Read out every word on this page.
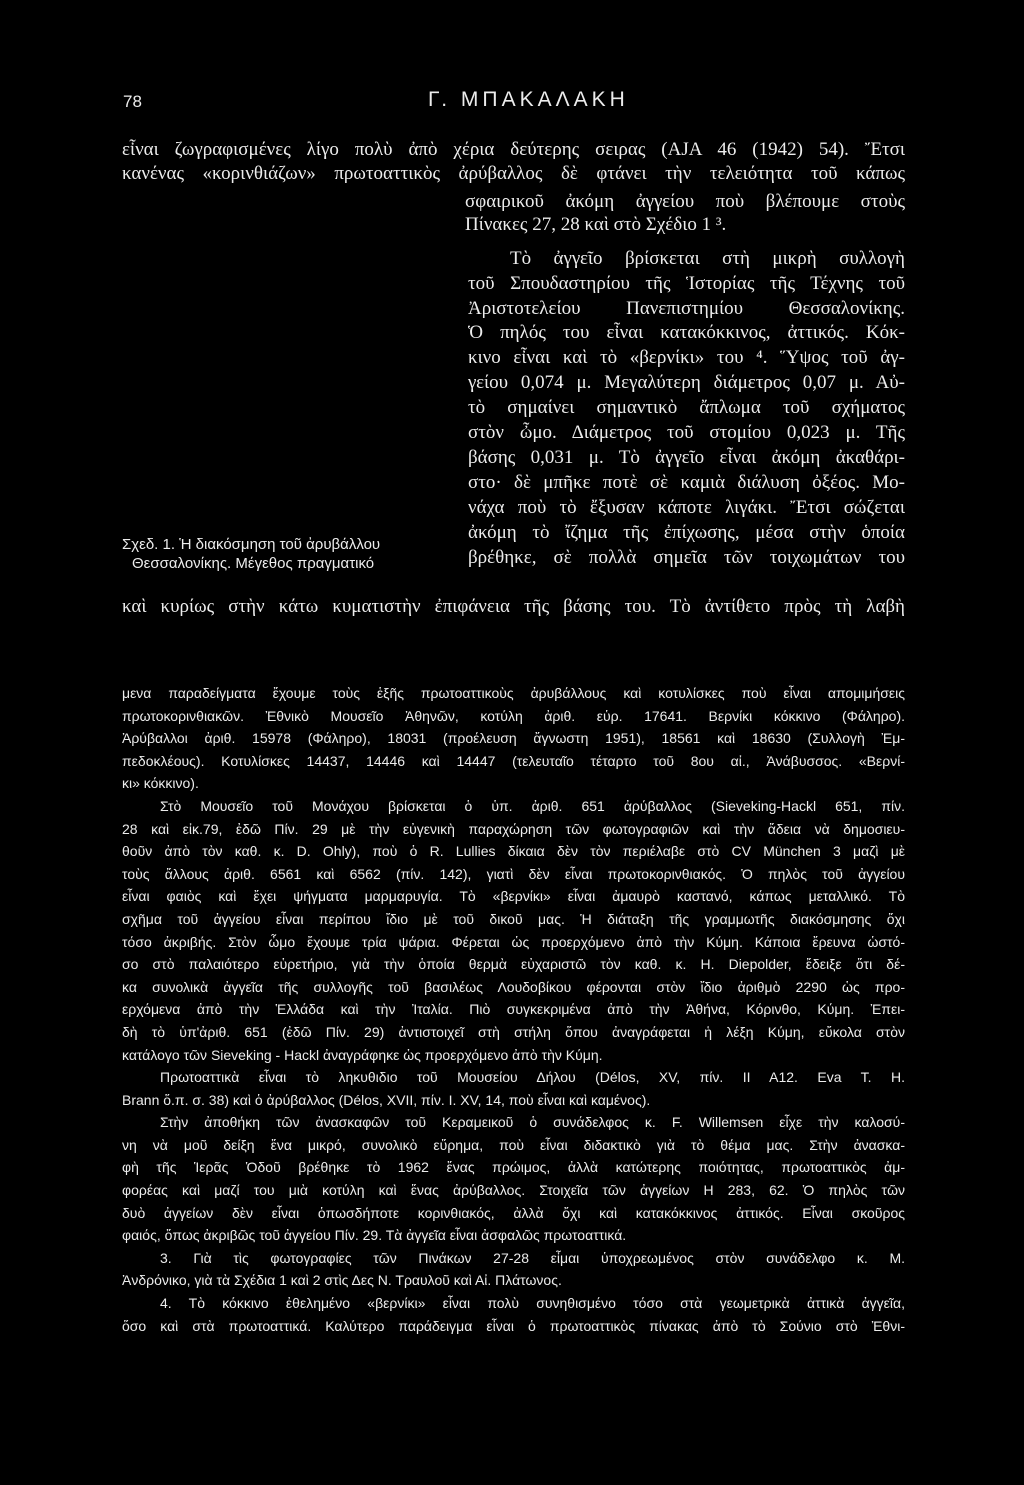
78	Γ. ΜΠΑΚΑΛΑΚΗ
εἶναι ζωγραφισμένες λίγο πολὺ ἀπὸ χέρια δεύτερης σειρας (ΑJA 46 (1942) 54). Ἔτσι
κανένας «κορινθιάζων» πρωτοαττικὸς ἀρύβαλλος δὲ φτάνει τὴν τελειότητα τοῦ κάπως
σφαιρικοῦ ἀκόμη ἀγγείου ποὺ βλέπουμε στοὺς
Πίνακες 27, 28 καὶ στὸ Σχέδιο 1 ³.
Τὸ ἀγγεῖο βρίσκεται στὴ μικρὴ συλλογὴ
τοῦ Σπουδαστηρίου τῆς Ἱστορίας τῆς Τέχνης τοῦ
Ἀριστοτελείου Πανεπιστημίου Θεσσαλονίκης.
Ὁ πηλός του εἶναι κατακόκκινος, ἀττικός. Κόκ-
κινο εἶναι καὶ τὸ «βερνίκι» του ⁴. Ὕψος τοῦ ἀγ-
γείου 0,074 μ. Μεγαλύτερη διάμετρος 0,07 μ. Αὐ-
τὸ σημαίνει σημαντικὸ ἄπλωμα τοῦ σχήματος
στὸν ὦμο. Διάμετρος τοῦ στομίου 0,023 μ. Τῆς
βάσης 0,031 μ. Τὸ ἀγγεῖο εἶναι ἀκόμη ἀκαθάρι-
στο· δὲ μπῆκε ποτὲ σὲ καμιὰ διάλυση ὀξέος. Μο-
νάχα ποὺ τὸ ἔξυσαν κάποτε λιγάκι. Ἔτσι σώζεται
ἀκόμη τὸ ἴζημα τῆς ἐπίχωσης, μέσα στὴν ὁποία
βρέθηκε, σὲ πολλὰ σημεῖα τῶν τοιχωμάτων του
καὶ κυρίως στὴν κάτω κυματιστὴν ἐπιφάνεια τῆς βάσης του. Τὸ ἀντίθετο πρὸς τὴ λαβὴ
Σχεδ. 1. Ἡ διακόσμηση τοῦ ἀρυβάλλου
Θεσσαλονίκης. Μέγεθος πραγματικό
μενα παραδείγματα ἔχουμε τοὺς ἑξῆς πρωτοαττικοὺς ἀρυβάλλους καὶ κοτυλίσκες ποὺ εἶναι απομιμήσεις
πρωτοκορινθιακῶν. Ἐθνικὸ Μουσεῖο Ἀθηνῶν, κοτύλη ἀριθ. εὑρ. 17641. Βερνίκι κόκκινο (Φάληρο).
Ἀρύβαλλοι ἀριθ. 15978 (Φάληρο), 18031 (προέλευση ἄγνωστη 1951), 18561 καὶ 18630 (Συλλογὴ Ἐμ-
πεδοκλέους). Κοτυλίσκες 14437, 14446 καὶ 14447 (τελευταῖο τέταρτο τοῦ 8ου αἰ., Ἀνάβυσσος. «Βερνί-
κι» κόκκινο).
Στὸ Μουσεῖο τοῦ Μονάχου βρίσκεται ὁ ὑπ. ἀριθ. 651 ἀρύβαλλος (Sieveking-Hackl 651, πίν.
28 καὶ εἰκ.79, ἐδῶ Πίν. 29 μὲ τὴν εὐγενικὴ παραχώρηση τῶν φωτογραφιῶν καὶ τὴν ἄδεια νὰ δημοσιευ-
θοῦν ἀπὸ τὸν καθ. κ. D. Ohly), ποὺ ὁ R. Lullies δίκαια δὲν τὸν περιέλαβε στὸ CV München 3 μαζὶ μὲ
τοὺς ἄλλους ἀριθ. 6561 καὶ 6562 (πίν. 142), γιατὶ δὲν εἶναι πρωτοκορινθιακός. Ὁ πηλὸς τοῦ ἀγγείου
εἶναι φαιὸς καὶ ἔχει ψήγματα μαρμαρυγία. Τὸ «βερνίκι» εἶναι ἀμαυρὸ καστανό, κάπως μεταλλικό. Τὸ
σχῆμα τοῦ ἀγγείου εἶναι περίπου ἴδιο μὲ τοῦ δικοῦ μας. Ἡ διάταξη τῆς γραμμωτῆς διακόσμησης ὄχι
τόσο ἀκριβής. Στὸν ὦμο ἔχουμε τρία ψάρια. Φέρεται ὡς προερχόμενο ἀπὸ τὴν Κύμη. Κάποια ἔρευνα ὡστό-
σο στὸ παλαιότερο εὑρετήριο, γιὰ τὴν ὁποία θερμὰ εὐχαριστῶ τὸν καθ. κ. H. Diepolder, ἔδειξε ὅτι δέ-
κα συνολικὰ ἀγγεῖα τῆς συλλογῆς τοῦ βασιλέως Λουδοβίκου φέρονται στὸν ἴδιο ἀριθμὸ 2290 ὡς προ-
ερχόμενα ἀπὸ τὴν Ἑλλάδα καὶ τὴν Ἰταλία. Πιὸ συγκεκριμένα ἀπὸ τὴν Ἀθήνα, Κόρινθο, Κύμη. Ἐπει-
δὴ τὸ ὑπ'ἀριθ. 651 (ἐδῶ Πίν. 29) ἀντιστοιχεῖ στὴ στήλη ὅπου ἀναγράφεται ἡ λέξη Κύμη, εὔκολα στὸν
κατάλογο τῶν Sieveking - Hackl ἀναγράφηκε ὡς προερχόμενο ἀπὸ τὴν Κύμη.
Πρωτοαττικὰ εἶναι τὸ ληκυθιδιο τοῦ Μουσείου Δήλου (Délos, XV, πίν. II A12. Eva T. H.
Brann ὅ.π. σ. 38) καὶ ὁ ἀρύβαλλος (Délos, XVII, πίν. I. XV, 14, ποὺ εἶναι καὶ καμένος).
Στὴν ἀποθήκη τῶν ἀνασκαφῶν τοῦ Κεραμεικοῦ ὁ συνάδελφος κ. F. Willemsen εἶχε τὴν καλοσύ-
νη νὰ μοῦ δείξη ἕνα μικρό, συνολικὸ εὕρημα, ποὺ εἶναι διδακτικὸ γιὰ τὸ θέμα μας. Στὴν ἀνασκα-
φὴ τῆς Ἱερᾶς Ὁδοῦ βρέθηκε τὸ 1962 ἕνας πρώιμος, ἀλλὰ κατώτερης ποιότητας, πρωτοαττικὸς ἀμ-
φορέας καὶ μαζί του μιὰ κοτύλη καὶ ἕνας ἀρύβαλλος. Στοιχεῖα τῶν ἀγγείων H 283, 62. Ὁ πηλὸς τῶν
δυὸ ἀγγείων δὲν εἶναι ὁπωσδήποτε κορινθιακός, ἀλλὰ ὄχι καὶ κατακόκκινος ἀττικός. Εἶναι σκοῦρος
φαιός, ὅπως ἀκριβῶς τοῦ ἀγγείου Πίν. 29. Τὰ ἀγγεῖα εἶναι ἀσφαλῶς πρωτοαττικά.
3. Γιὰ τὶς φωτογραφίες τῶν Πινάκων 27-28 εἶμαι ὑποχρεωμένος στὸν συνάδελφο κ. Μ.
Ἀνδρόνικο, γιὰ τὰ Σχέδια 1 καὶ 2 στὶς Δες Ν. Τραυλοῦ καὶ Αἰ. Πλάτωνος.
4. Τὸ κόκκινο ἐθελημένο «βερνίκι» εἶναι πολὺ συνηθισμένο τόσο στὰ γεωμετρικὰ ἀττικὰ ἀγγεῖα,
ὅσο καὶ στὰ πρωτοαττικά. Καλύτερο παράδειγμα εἶναι ὁ πρωτοαττικὸς πίνακας ἀπὸ τὸ Σούνιο στὸ Ἐθνι-
